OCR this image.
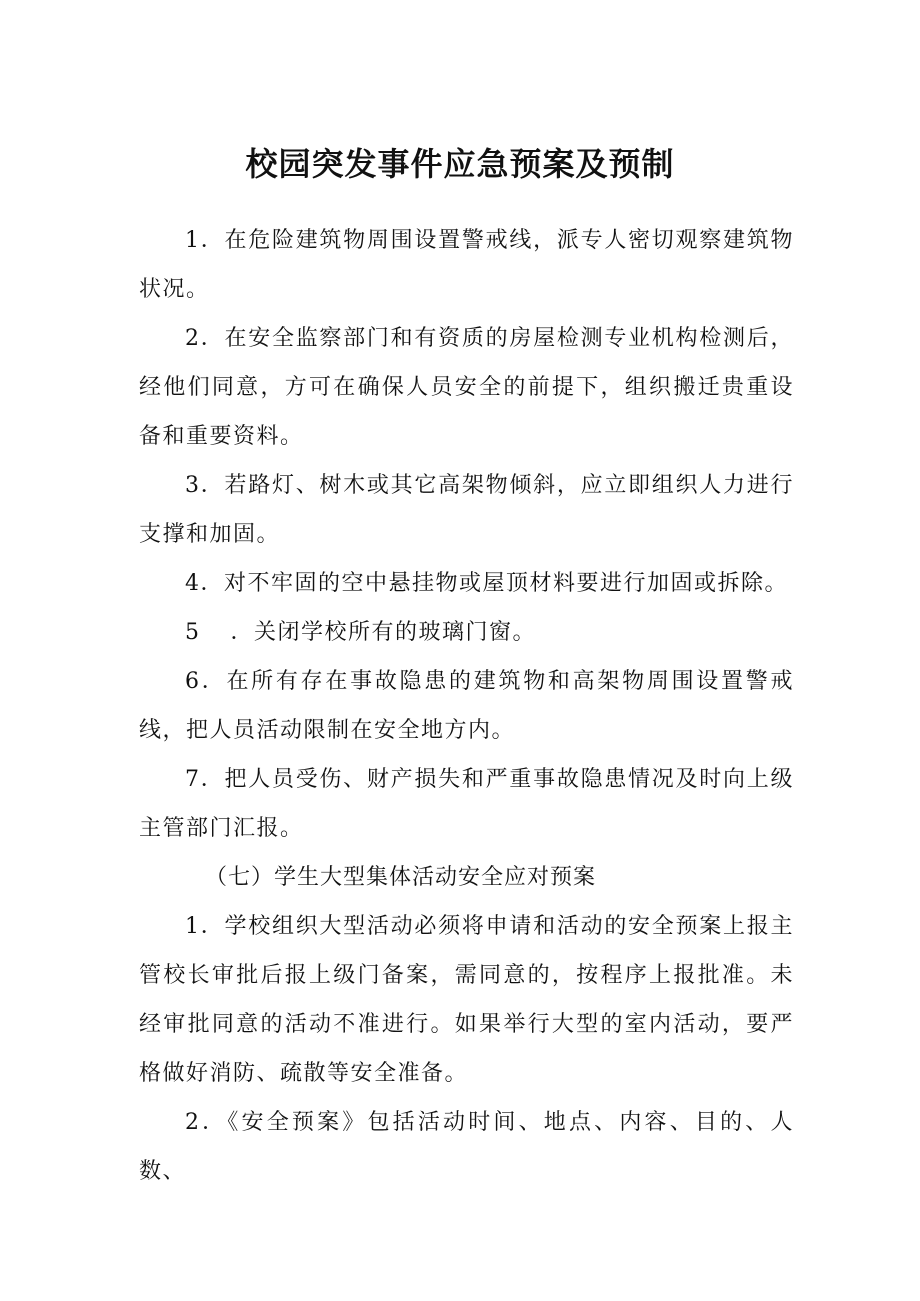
校园突发事件应急预案及预制

1．在危险建筑物周围设置警戒线，派专人密切观察建筑物状况。

2．在安全监察部门和有资质的房屋检测专业机构检测后，经他们同意，方可在确保人员安全的前提下，组织搬迁贵重设备和重要资料。

3．若路灯、树木或其它高架物倾斜，应立即组织人力进行支撑和加固。

4．对不牢固的空中悬挂物或屋顶材料要进行加固或拆除。

5 ．关闭学校所有的玻璃门窗。

6．在所有存在事故隐患的建筑物和高架物周围设置警戒线，把人员活动限制在安全地方内。

7．把人员受伤、财产损失和严重事故隐患情况及时向上级主管部门汇报。

（七）学生大型集体活动安全应对预案

1．学校组织大型活动必须将申请和活动的安全预案上报主管校长审批后报上级门备案，需同意的，按程序上报批准。未经审批同意的活动不准进行。如果举行大型的室内活动，要严格做好消防、疏散等安全准备。

2．《安全预案》包括活动时间、地点、内容、目的、人数、
